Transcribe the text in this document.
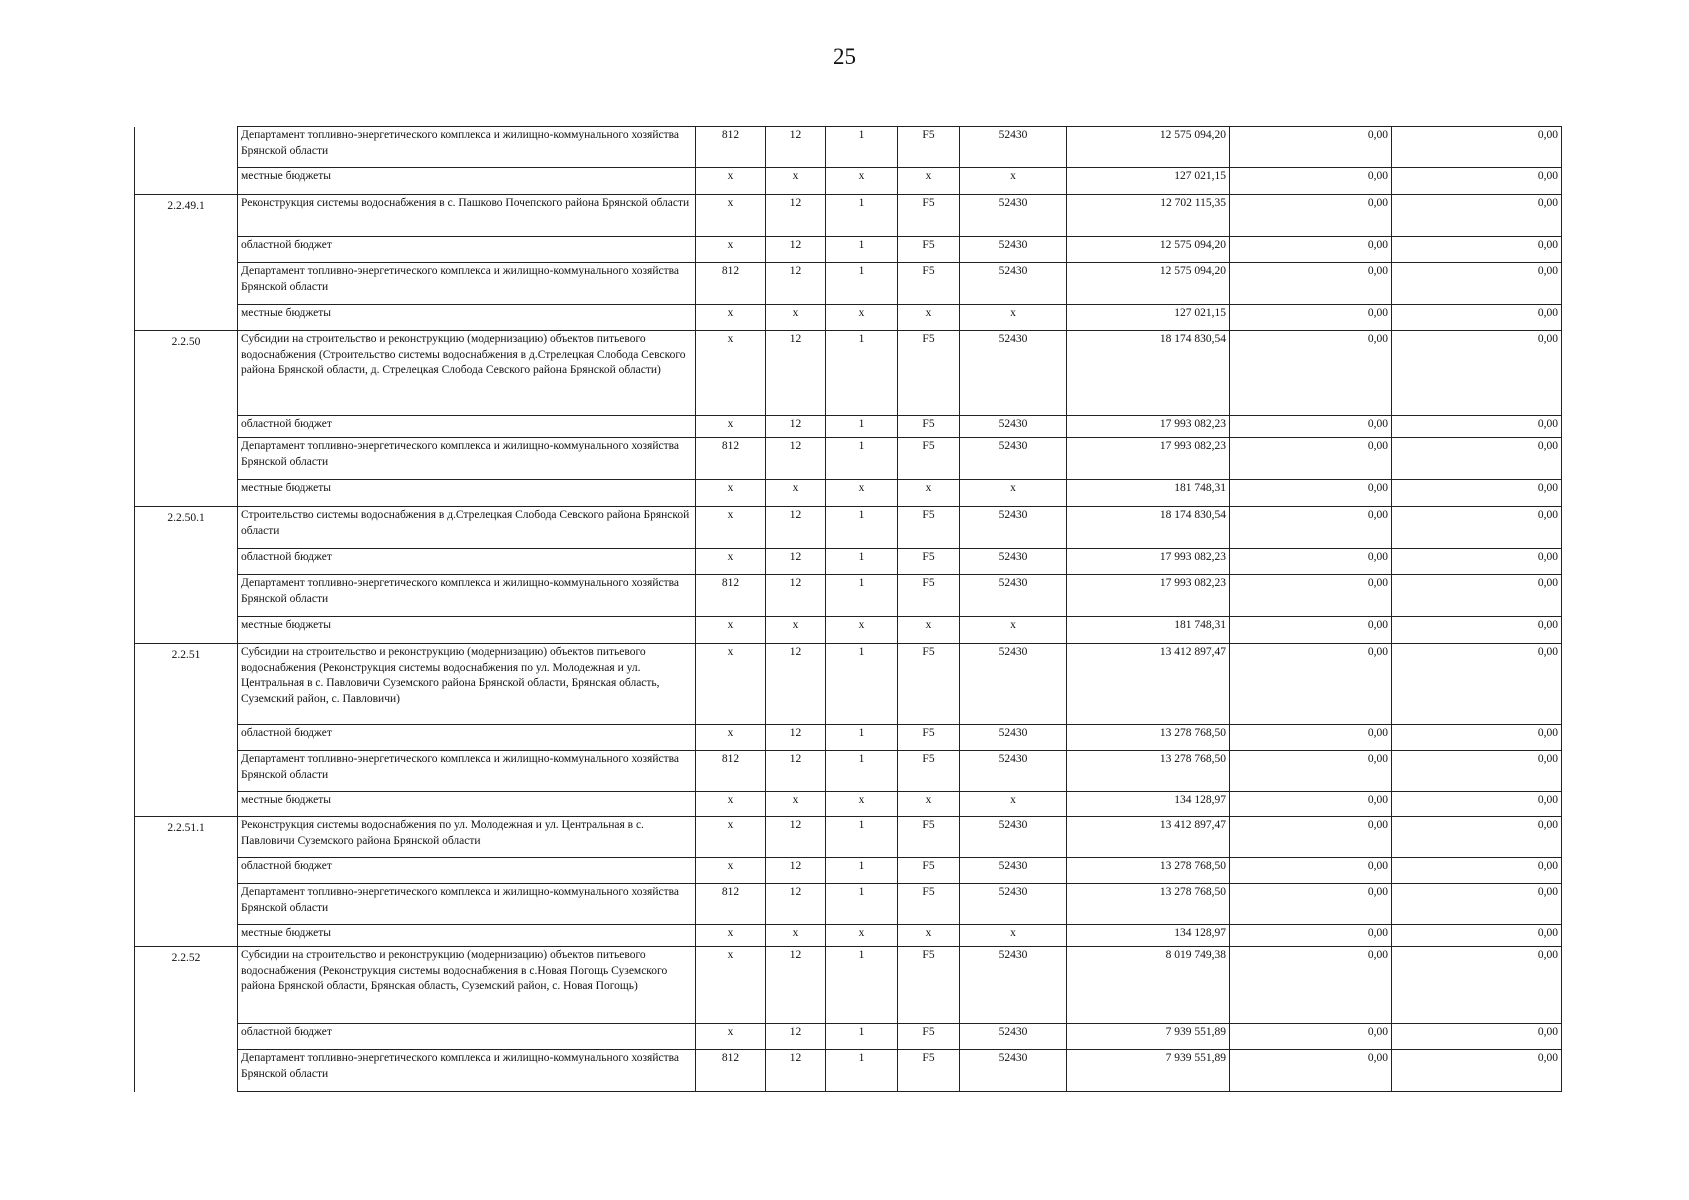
25
	Департамент топливно-энергетического комплекса и жилищно-коммунального хозяйства Брянской области	812	12	1	F5	52430	12 575 094,20	0,00	0,00
	местные бюджеты	x	x	x	x	x	127 021,15	0,00	0,00
2.2.49.1	Реконструкция системы водоснабжения в с. Пашково Почепского района Брянской области	x	12	1	F5	52430	12 702 115,35	0,00	0,00
	областной бюджет	x	12	1	F5	52430	12 575 094,20	0,00	0,00
	Департамент топливно-энергетического комплекса и жилищно-коммунального хозяйства Брянской области	812	12	1	F5	52430	12 575 094,20	0,00	0,00
	местные бюджеты	x	x	x	x	x	127 021,15	0,00	0,00
2.2.50	Субсидии на строительство и реконструкцию (модернизацию) объектов питьевого водоснабжения (Строительство системы водоснабжения в д.Стрелецкая Слобода Севского района Брянской области, д. Стрелецкая Слобода Севского района Брянской области)	x	12	1	F5	52430	18 174 830,54	0,00	0,00
	областной бюджет	x	12	1	F5	52430	17 993 082,23	0,00	0,00
	Департамент топливно-энергетического комплекса и жилищно-коммунального хозяйства Брянской области	812	12	1	F5	52430	17 993 082,23	0,00	0,00
	местные бюджеты	x	x	x	x	x	181 748,31	0,00	0,00
2.2.50.1	Строительство системы водоснабжения в д.Стрелецкая Слобода Севского района Брянской области	x	12	1	F5	52430	18 174 830,54	0,00	0,00
	областной бюджет	x	12	1	F5	52430	17 993 082,23	0,00	0,00
	Департамент топливно-энергетического комплекса и жилищно-коммунального хозяйства Брянской области	812	12	1	F5	52430	17 993 082,23	0,00	0,00
	местные бюджеты	x	x	x	x	x	181 748,31	0,00	0,00
2.2.51	Субсидии на строительство и реконструкцию (модернизацию) объектов питьевого водоснабжения (Реконструкция системы водоснабжения по ул. Молодежная и ул. Центральная в с. Павловичи Суземского района Брянской области, Брянская область, Суземский район, с. Павловичи)	x	12	1	F5	52430	13 412 897,47	0,00	0,00
	областной бюджет	x	12	1	F5	52430	13 278 768,50	0,00	0,00
	Департамент топливно-энергетического комплекса и жилищно-коммунального хозяйства Брянской области	812	12	1	F5	52430	13 278 768,50	0,00	0,00
	местные бюджеты	x	x	x	x	x	134 128,97	0,00	0,00
2.2.51.1	Реконструкция системы водоснабжения по ул. Молодежная и ул. Центральная в с. Павловичи Суземского района Брянской области	x	12	1	F5	52430	13 412 897,47	0,00	0,00
	областной бюджет	x	12	1	F5	52430	13 278 768,50	0,00	0,00
	Департамент топливно-энергетического комплекса и жилищно-коммунального хозяйства Брянской области	812	12	1	F5	52430	13 278 768,50	0,00	0,00
	местные бюджеты	x	x	x	x	x	134 128,97	0,00	0,00
2.2.52	Субсидии на строительство и реконструкцию (модернизацию) объектов питьевого водоснабжения (Реконструкция системы водоснабжения в с.Новая Погощь Суземского района Брянской области, Брянская область, Суземский район, с. Новая Погощь)	x	12	1	F5	52430	8 019 749,38	0,00	0,00
	областной бюджет	x	12	1	F5	52430	7 939 551,89	0,00	0,00
	Департамент топливно-энергетического комплекса и жилищно-коммунального хозяйства Брянской области	812	12	1	F5	52430	7 939 551,89	0,00	0,00
